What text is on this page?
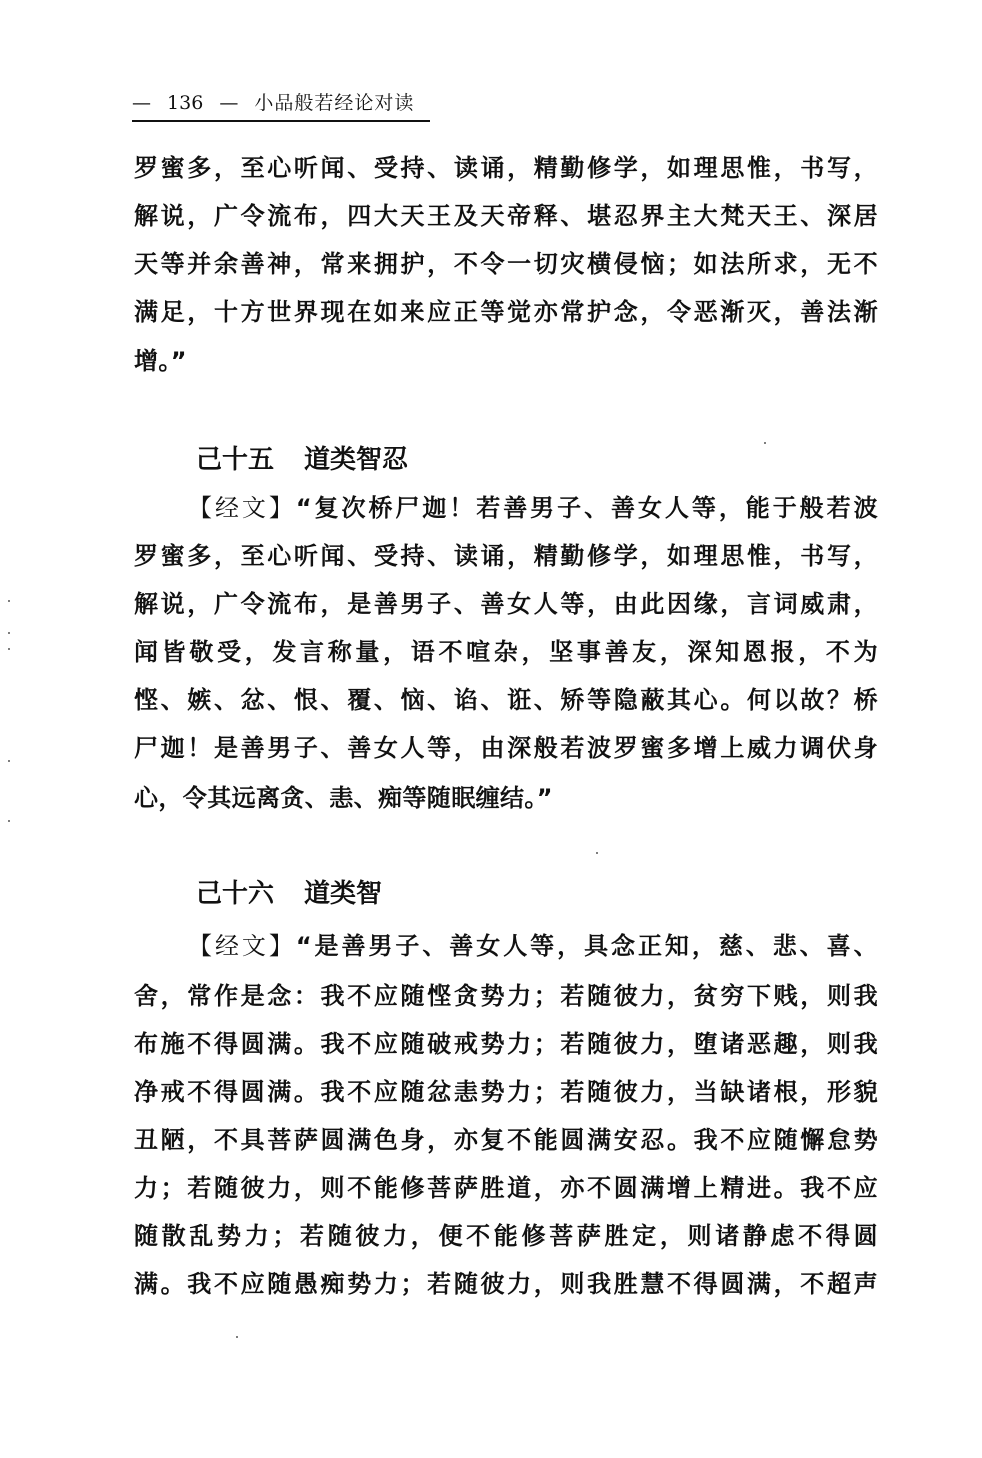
— 136 — 小品般若经论对读
罗蜜多，至心听闻、受持、读诵，精勤修学，如理思惟，书写，
解说，广令流布，四大天王及天帝释、堪忍界主大梵天王、深居
天等并余善神，常来拥护，不令一切灾横侵恼；如法所求，无不
满足，十方世界现在如来应正等觉亦常护念，令恶渐灭，善法渐
增。”
己十五 道类智忍
【经文】“复次桥尸迦！若善男子、善女人等，能于般若波
罗蜜多，至心听闻、受持、读诵，精勤修学，如理思惟，书写，
解说，广令流布，是善男子、善女人等，由此因缘，言词威肃，
闻皆敬受，发言称量，语不喧杂，坚事善友，深知恩报，不为
悭、嫉、忿、恨、覆、恼、谄、诳、矫等隐蔽其心。何以故？桥
尸迦！是善男子、善女人等，由深般若波罗蜜多增上威力调伏身
心，令其远离贪、恚、痴等随眠缠结。”
己十六 道类智
【经文】“是善男子、善女人等，具念正知，慈、悲、喜、
舍，常作是念：我不应随悭贪势力；若随彼力，贫穷下贱，则我
布施不得圆满。我不应随破戒势力；若随彼力，堕诸恶趣，则我
净戒不得圆满。我不应随忿恚势力；若随彼力，当缺诸根，形貌
丑陋，不具菩萨圆满色身，亦复不能圆满安忍。我不应随懈怠势
力；若随彼力，则不能修菩萨胜道，亦不圆满增上精进。我不应
随散乱势力；若随彼力，便不能修菩萨胜定，则诸静虑不得圆
满。我不应随愚痴势力；若随彼力，则我胜慧不得圆满，不超声
